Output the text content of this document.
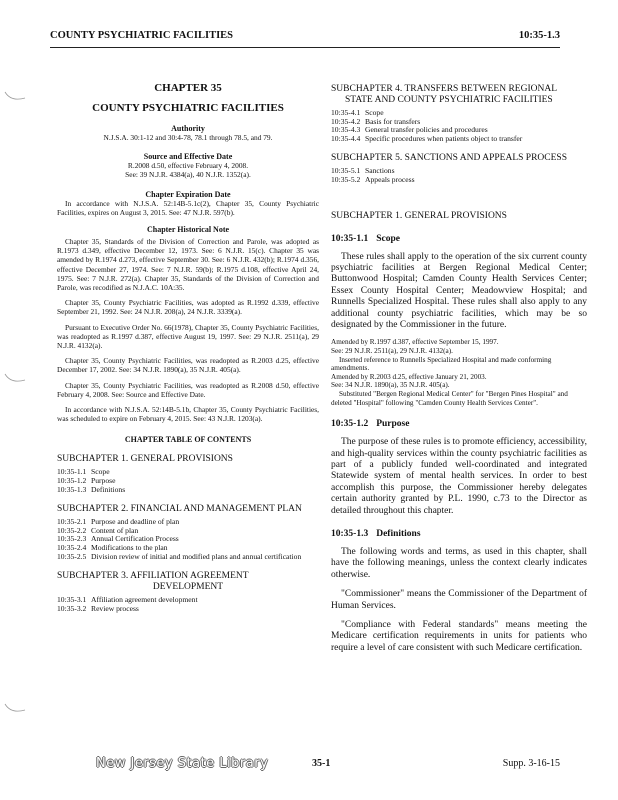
COUNTY PSYCHIATRIC FACILITIES	10:35-1.3
CHAPTER 35
COUNTY PSYCHIATRIC FACILITIES
Authority
N.J.S.A. 30:1-12 and 30:4-78, 78.1 through 78.5, and 79.
Source and Effective Date
R.2008 d.50, effective February 4, 2008.
See: 39 N.J.R. 4384(a), 40 N.J.R. 1352(a).
Chapter Expiration Date

In accordance with N.J.S.A. 52:14B-5.1c(2), Chapter 35, County Psychiatric Facilities, expires on August 3, 2015. See: 47 N.J.R. 597(b).

Chapter Historical Note

Chapter 35, Standards of the Division of Correction and Parole, was adopted as R.1973 d.349, effective December 12, 1973. See: 6 N.J.R. 15(c). Chapter 35 was amended by R.1974 d.273, effective September 30. See: 6 N.J.R. 432(b); R.1974 d.356, effective December 27, 1974. See: 7 N.J.R. 59(b); R.1975 d.108, effective April 24, 1975. See: 7 N.J.R. 272(a). Chapter 35, Standards of the Division of Correction and Parole, was recodified as N.J.A.C. 10A:35.

Chapter 35, County Psychiatric Facilities, was adopted as R.1992 d.339, effective September 21, 1992. See: 24 N.J.R. 208(a), 24 N.J.R. 3339(a).

Pursuant to Executive Order No. 66(1978), Chapter 35, County Psychiatric Facilities, was readopted as R.1997 d.387, effective August 19, 1997. See: 29 N.J.R. 2511(a), 29 N.J.R. 4132(a).

Chapter 35, County Psychiatric Facilities, was readopted as R.2003 d.25, effective December 17, 2002. See: 34 N.J.R. 1890(a), 35 N.J.R. 405(a).

Chapter 35, County Psychiatric Facilities, was readopted as R.2008 d.50, effective February 4, 2008. See: Source and Effective Date.

In accordance with N.J.S.A. 52:14B-5.1b, Chapter 35, County Psychiatric Facilities, was scheduled to expire on February 4, 2015. See: 43 N.J.R. 1203(a).

CHAPTER TABLE OF CONTENTS
SUBCHAPTER 1. GENERAL PROVISIONS
10:35-1.1 Scope
10:35-1.2 Purpose
10:35-1.3 Definitions
SUBCHAPTER 2. FINANCIAL AND MANAGEMENT PLAN
10:35-2.1 Purpose and deadline of plan
10:35-2.2 Content of plan
10:35-2.3 Annual Certification Process
10:35-2.4 Modifications to the plan
10:35-2.5 Division review of initial and modified plans and annual certification
SUBCHAPTER 3. AFFILIATION AGREEMENT
DEVELOPMENT
10:35-3.1 Affiliation agreement development
10:35-3.2 Review process
SUBCHAPTER 4. TRANSFERS BETWEEN REGIONAL
STATE AND COUNTY PSYCHIATRIC FACILITIES
10:35-4.1 Scope
10:35-4.2 Basis for transfers
10:35-4.3 General transfer policies and procedures
10:35-4.4 Specific procedures when patients object to transfer
SUBCHAPTER 5. SANCTIONS AND APPEALS PROCESS
10:35-5.1 Sanctions
10:35-5.2 Appeals process
SUBCHAPTER 1. GENERAL PROVISIONS
10:35-1.1 Scope

These rules shall apply to the operation of the six current county psychiatric facilities at Bergen Regional Medical Center; Buttonwood Hospital; Camden County Health Services Center; Essex County Hospital Center; Meadowview Hospital; and Runnells Specialized Hospital. These rules shall also apply to any additional county psychiatric facilities, which may be so designated by the Commissioner in the future.

Amended by R.1997 d.387, effective September 15, 1997.
See: 29 N.J.R. 2511(a), 29 N.J.R. 4132(a).
Inserted reference to Runnells Specialized Hospital and made conforming amendments.
Amended by R.2003 d.25, effective January 21, 2003.
See: 34 N.J.R. 1890(a), 35 N.J.R. 405(a).
Substituted "Bergen Regional Medical Center" for "Bergen Pines Hospital" and deleted "Hospital" following "Camden County Health Services Center".
10:35-1.2 Purpose

The purpose of these rules is to promote efficiency, accessibility, and high-quality services within the county psychiatric facilities as part of a publicly funded well-coordinated and integrated Statewide system of mental health services. In order to best accomplish this purpose, the Commissioner hereby delegates certain authority granted by P.L. 1990, c.73 to the Director as detailed throughout this chapter.

10:35-1.3 Definitions

The following words and terms, as used in this chapter, shall have the following meanings, unless the context clearly indicates otherwise.

"Commissioner" means the Commissioner of the Department of Human Services.

"Compliance with Federal standards" means meeting the Medicare certification requirements in units for patients who require a level of care consistent with such Medicare certification.

New Jersey State Library	35-1	Supp. 3-16-15
